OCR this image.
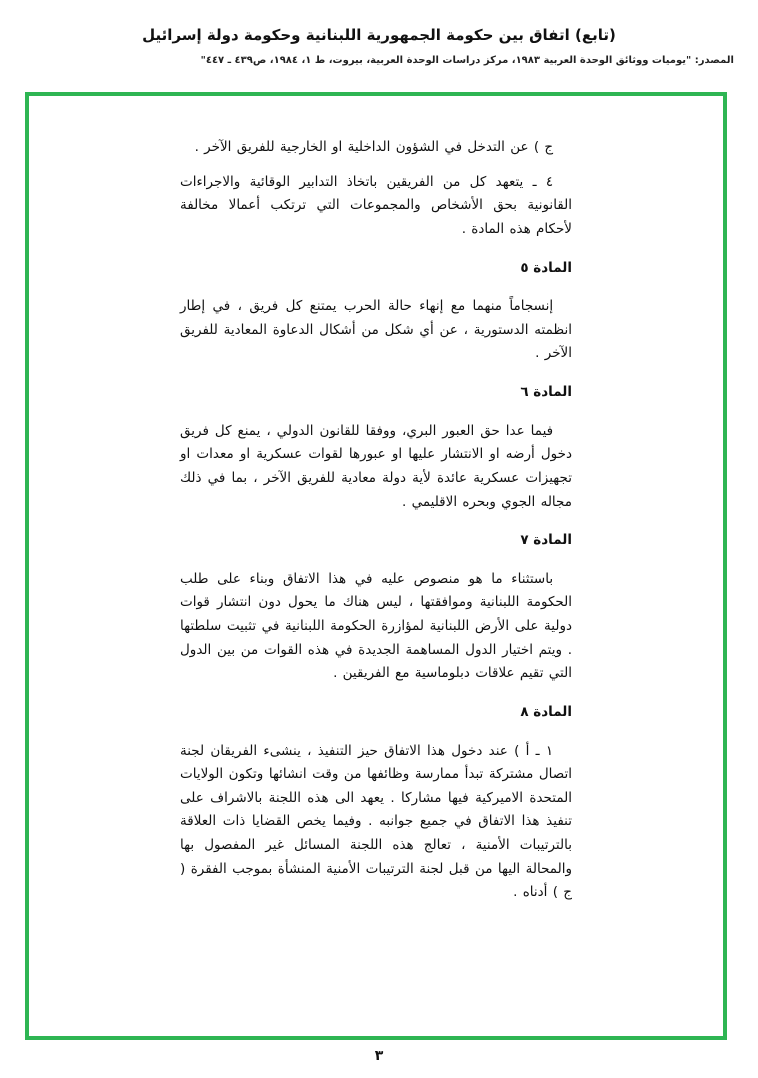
(تابع) اتفاق بين حكومة الجمهورية اللبنانية وحكومة دولة إسرائيل
المصدر: "يوميات ووثائق الوحدة العربية ١٩٨٣، مركز دراسات الوحدة العربية، بيروت، ط ١، ١٩٨٤، ص٤٣٩ ـ ٤٤٧"

ج ) عن التدخل في الشؤون الداخلية او الخارجية للفريق الآخر .

٤ ـ يتعهد كل من الفريقين باتخاذ التدابير الوقائية والاجراءات القانونية بحق الأشخاص والمجموعات التي ترتكب أعمالا مخالفة لأحكام هذه المادة .

المادة ٥

إنسجاماً منهما مع إنهاء حالة الحرب يمتنع كل فريق ، في إطار انظمته الدستورية ، عن أي شكل من أشكال الدعاوة المعادية للفريق الآخر .

المادة ٦

فيما عدا حق العبور البري، ووفقا للقانون الدولي ، يمنع كل فريق دخول أرضه او الانتشار عليها او عبورها لقوات عسكرية او معدات او تجهيزات عسكرية عائدة لأية دولة معادية للفريق الآخر ، بما في ذلك مجاله الجوي وبحره الاقليمي .

المادة ٧

باستثناء ما هو منصوص عليه في هذا الاتفاق وبناء على طلب الحكومة اللبنانية وموافقتها ، ليس هناك ما يحول دون انتشار قوات دولية على الأرض اللبنانية لمؤازرة الحكومة اللبنانية في تثبيت سلطتها . ويتم اختيار الدول المساهمة الجديدة في هذه القوات من بين الدول التي تقيم علاقات دبلوماسية مع الفريقين .

المادة ٨

١ ـ أ ) عند دخول هذا الاتفاق حيز التنفيذ ، ينشىء الفريقان لجنة اتصال مشتركة تبدأ ممارسة وظائفها من وقت انشائها وتكون الولايات المتحدة الاميركية فيها مشاركا . يعهد الى هذه اللجنة بالاشراف على تنفيذ هذا الاتفاق في جميع جوانبه . وفيما يخص القضايا ذات العلاقة بالترتيبات الأمنية ، تعالج هذه اللجنة المسائل غير المفصول بها والمحالة اليها من قبل لجنة الترتيبات الأمنية المنشأة بموجب الفقرة ( ج ) أدناه .

٣
